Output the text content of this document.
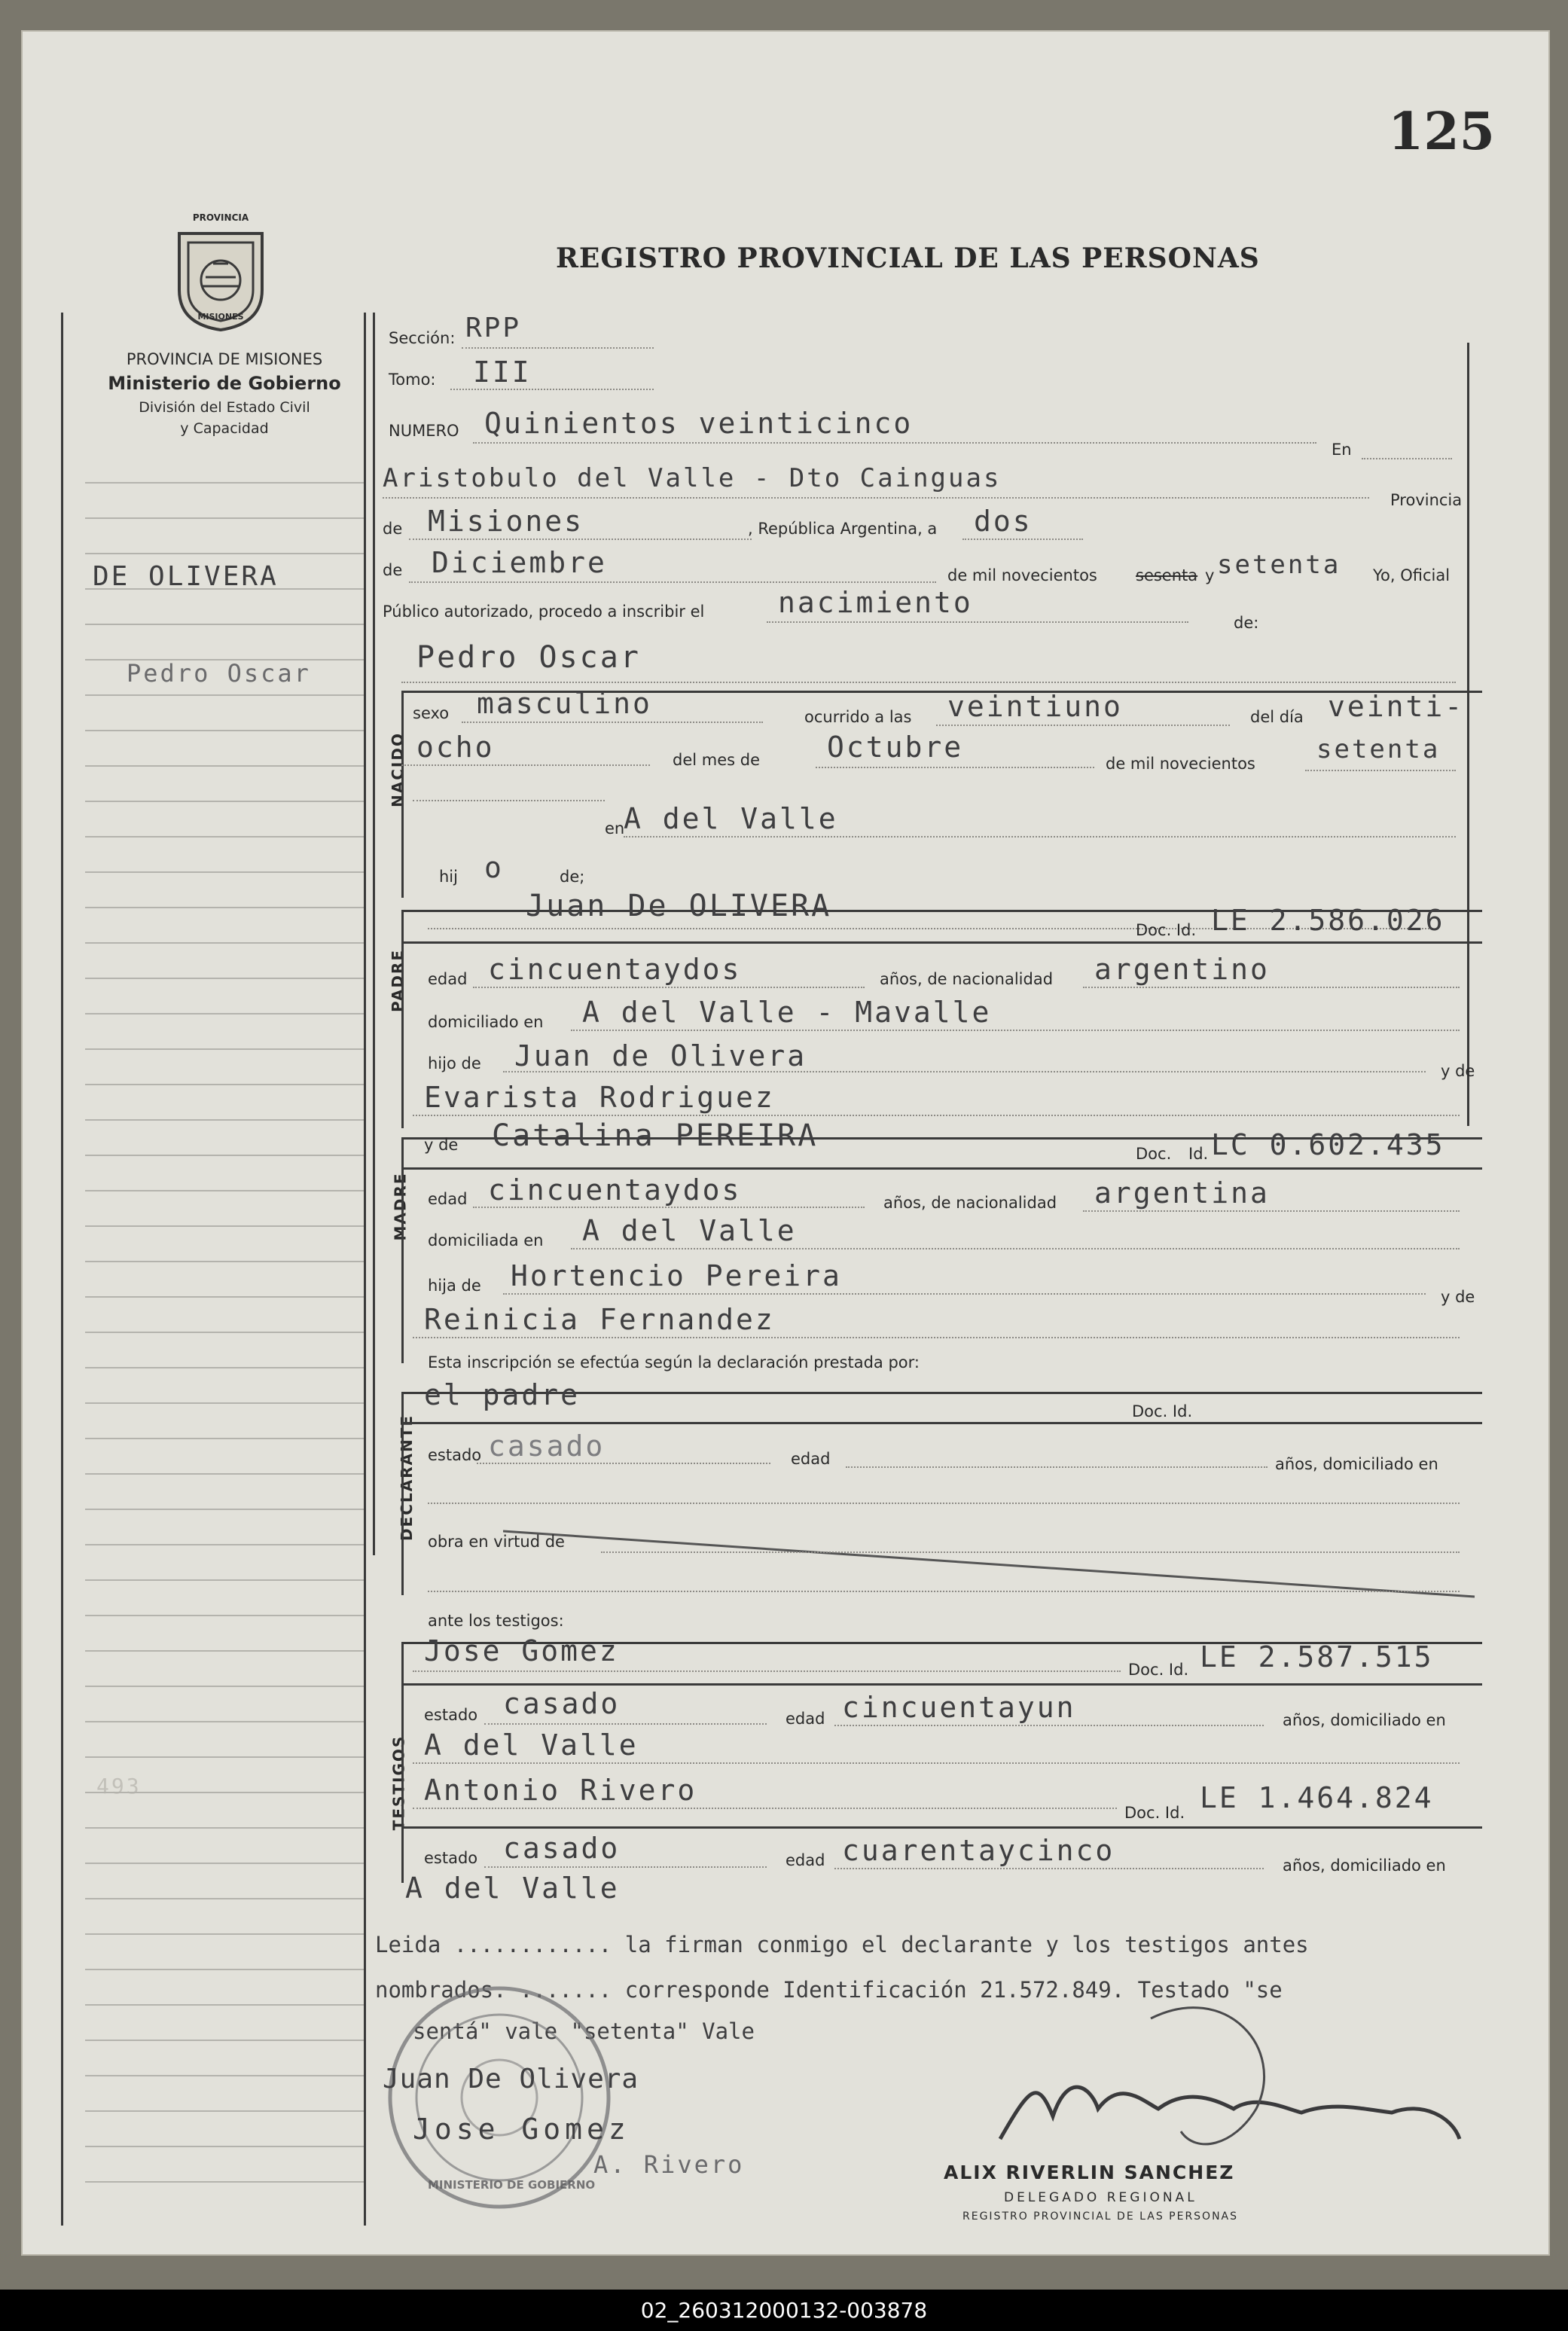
125
REGISTRO PROVINCIAL DE LAS PERSONAS
PROVINCIA
MISIONES
PROVINCIA DE MISIONES
Ministerio de Gobierno
División del Estado Civil
y Capacidad
DE OLIVERA
Pedro Oscar
493
NACIDO
PADRE
MADRE
DECLARANTE
TESTIGOS
Sección: RPP
Tomo: III
NUMERO Quinientos veinticinco
En
Aristobulo del Valle - Dto Cainguas
Provincia
de Misiones	, República Argentina, a dos
de Diciembre	de mil novecientos sesenta y setenta Yo, Oficial
Público autorizado, procedo a inscribir el	nacimiento
de:
Pedro Oscar
sexo masculino	ocurrido a las veintiuno	del día veinti-
ocho	del mes de Octubre	de mil novecientos setenta
en
A del Valle
hij o	de;
Juan De OLIVERA
Doc. Id. LE 2.586.026
edad cincuentaydos	años, de nacionalidad argentino
domiciliado en A del Valle - Mavalle
hijo de Juan de Olivera	y de
Evarista Rodriguez
y de Catalina PEREIRA
Doc. Id. LC 0.602.435
edad cincuentaydos	años, de nacionalidad argentina
domiciliada en A del Valle
hija de Hortencio Pereira
y de
Reinicia Fernandez
Esta inscripción se efectúa según la declaración prestada por:
el padre	Doc. Id.
estado casado	edad	años, domiciliado en
obra en virtud de
ante los testigos:
Jose Gomez
Doc. Id. LE 2.587.515
estado casado	edad cincuentayun	años, domiciliado en
A del Valle
Antonio Rivero
Doc. Id. LE 1.464.824
estado casado	edad cuarentaycinco	años, domiciliado en
A del Valle
Leida ............ la firman conmigo el declarante y los testigos antes
nombrados. ....... corresponde Identificación 21.572.849. Testado "se
sentá" vale "setenta" Vale
MINISTERIO DE GOBIERNO
Juan De Olivera
Jose Gomez
A. Rivero	ALIX RIVERLIN SANCHEZ
DELEGADO REGIONAL
REGISTRO PROVINCIAL DE LAS PERSONAS
02_260312000132-003878
